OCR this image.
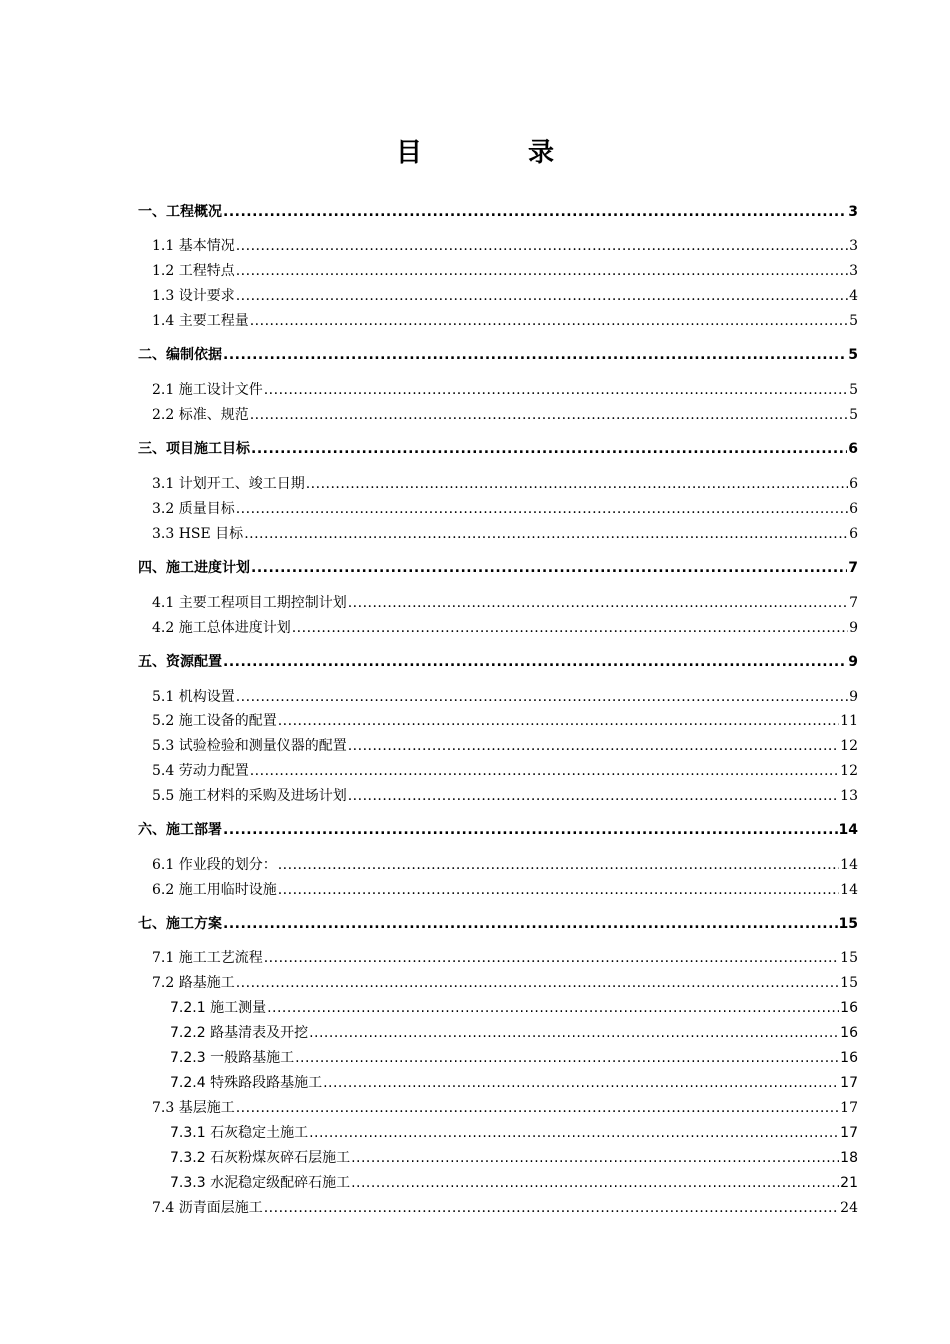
目　录
一、工程概况 .....	3
1.1 基本情况 .....	3
1.2 工程特点 .....	3
1.3 设计要求 .....	4
1.4 主要工程量 .....	5
二、编制依据 .....	5
2.1 施工设计文件 .....	5
2.2 标准、规范 .....	5
三、项目施工目标 .....	6
3.1 计划开工、竣工日期 .....	6
3.2 质量目标 .....	6
3.3 HSE 目标 .....	6
四、施工进度计划 .....	7
4.1 主要工程项目工期控制计划 .....	7
4.2 施工总体进度计划 .....	9
五、资源配置 .....	9
5.1 机构设置 .....	9
5.2 施工设备的配置 .....	11
5.3 试验检验和测量仪器的配置 .....	12
5.4 劳动力配置 .....	12
5.5 施工材料的采购及进场计划 .....	13
六、施工部署 .....	14
6.1 作业段的划分： .....	14
6.2 施工用临时设施 .....	14
七、施工方案 .....	15
7.1 施工工艺流程 .....	15
7.2 路基施工 .....	15
7.2.1 施工测量 .....	16
7.2.2 路基清表及开挖 .....	16
7.2.3 一般路基施工 .....	16
7.2.4 特殊路段路基施工 .....	17
7.3 基层施工 .....	17
7.3.1 石灰稳定土施工 .....	17
7.3.2 石灰粉煤灰碎石层施工 .....	18
7.3.3 水泥稳定级配碎石施工 .....	21
7.4 沥青面层施工 .....	24
